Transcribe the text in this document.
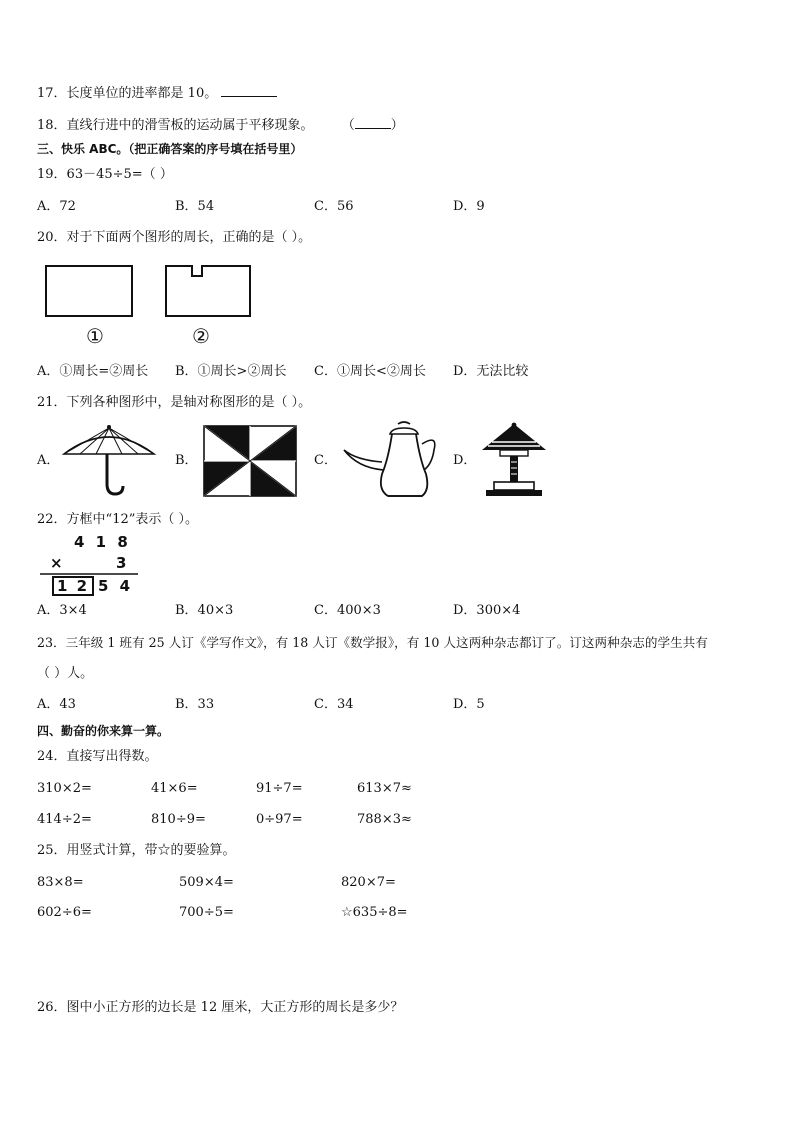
17．长度单位的进率都是 10。
18．直线行进中的滑雪板的运动属于平移现象。 （	）
三、快乐 ABC。（把正确答案的序号填在括号里）
19．63－45÷5=（ ）
A．72	B．54	C．56	D．9
20．对于下面两个图形的周长，正确的是（ ）。
①	②
A．①周长=②周长 B．①周长>②周长 C．①周长<②周长 D．无法比较
21．下列各种图形中，是轴对称图形的是（ ）。
A．	B．	C．	D．
22．方框中“12”表示（ ）。
4 1 8
×	3
1 2 5 4
A．3×4	B．40×3	C．400×3	D．300×4
23．三年级 1 班有 25 人订《学写作文》，有 18 人订《数学报》，有 10 人这两种杂志都订了。订这两种杂志的学生共有
（ ）人。
A．43	B．33	C．34	D．5
四、勤奋的你来算一算。
24．直接写出得数。
310×2=	41×6=	91÷7=	613×7≈
414÷2=	810÷9=	0÷97=	788×3≈
25．用竖式计算，带☆的要验算。
83×8=	509×4=	820×7=
602÷6=	700÷5=	☆635÷8=
26．图中小正方形的边长是 12 厘米，大正方形的周长是多少？
